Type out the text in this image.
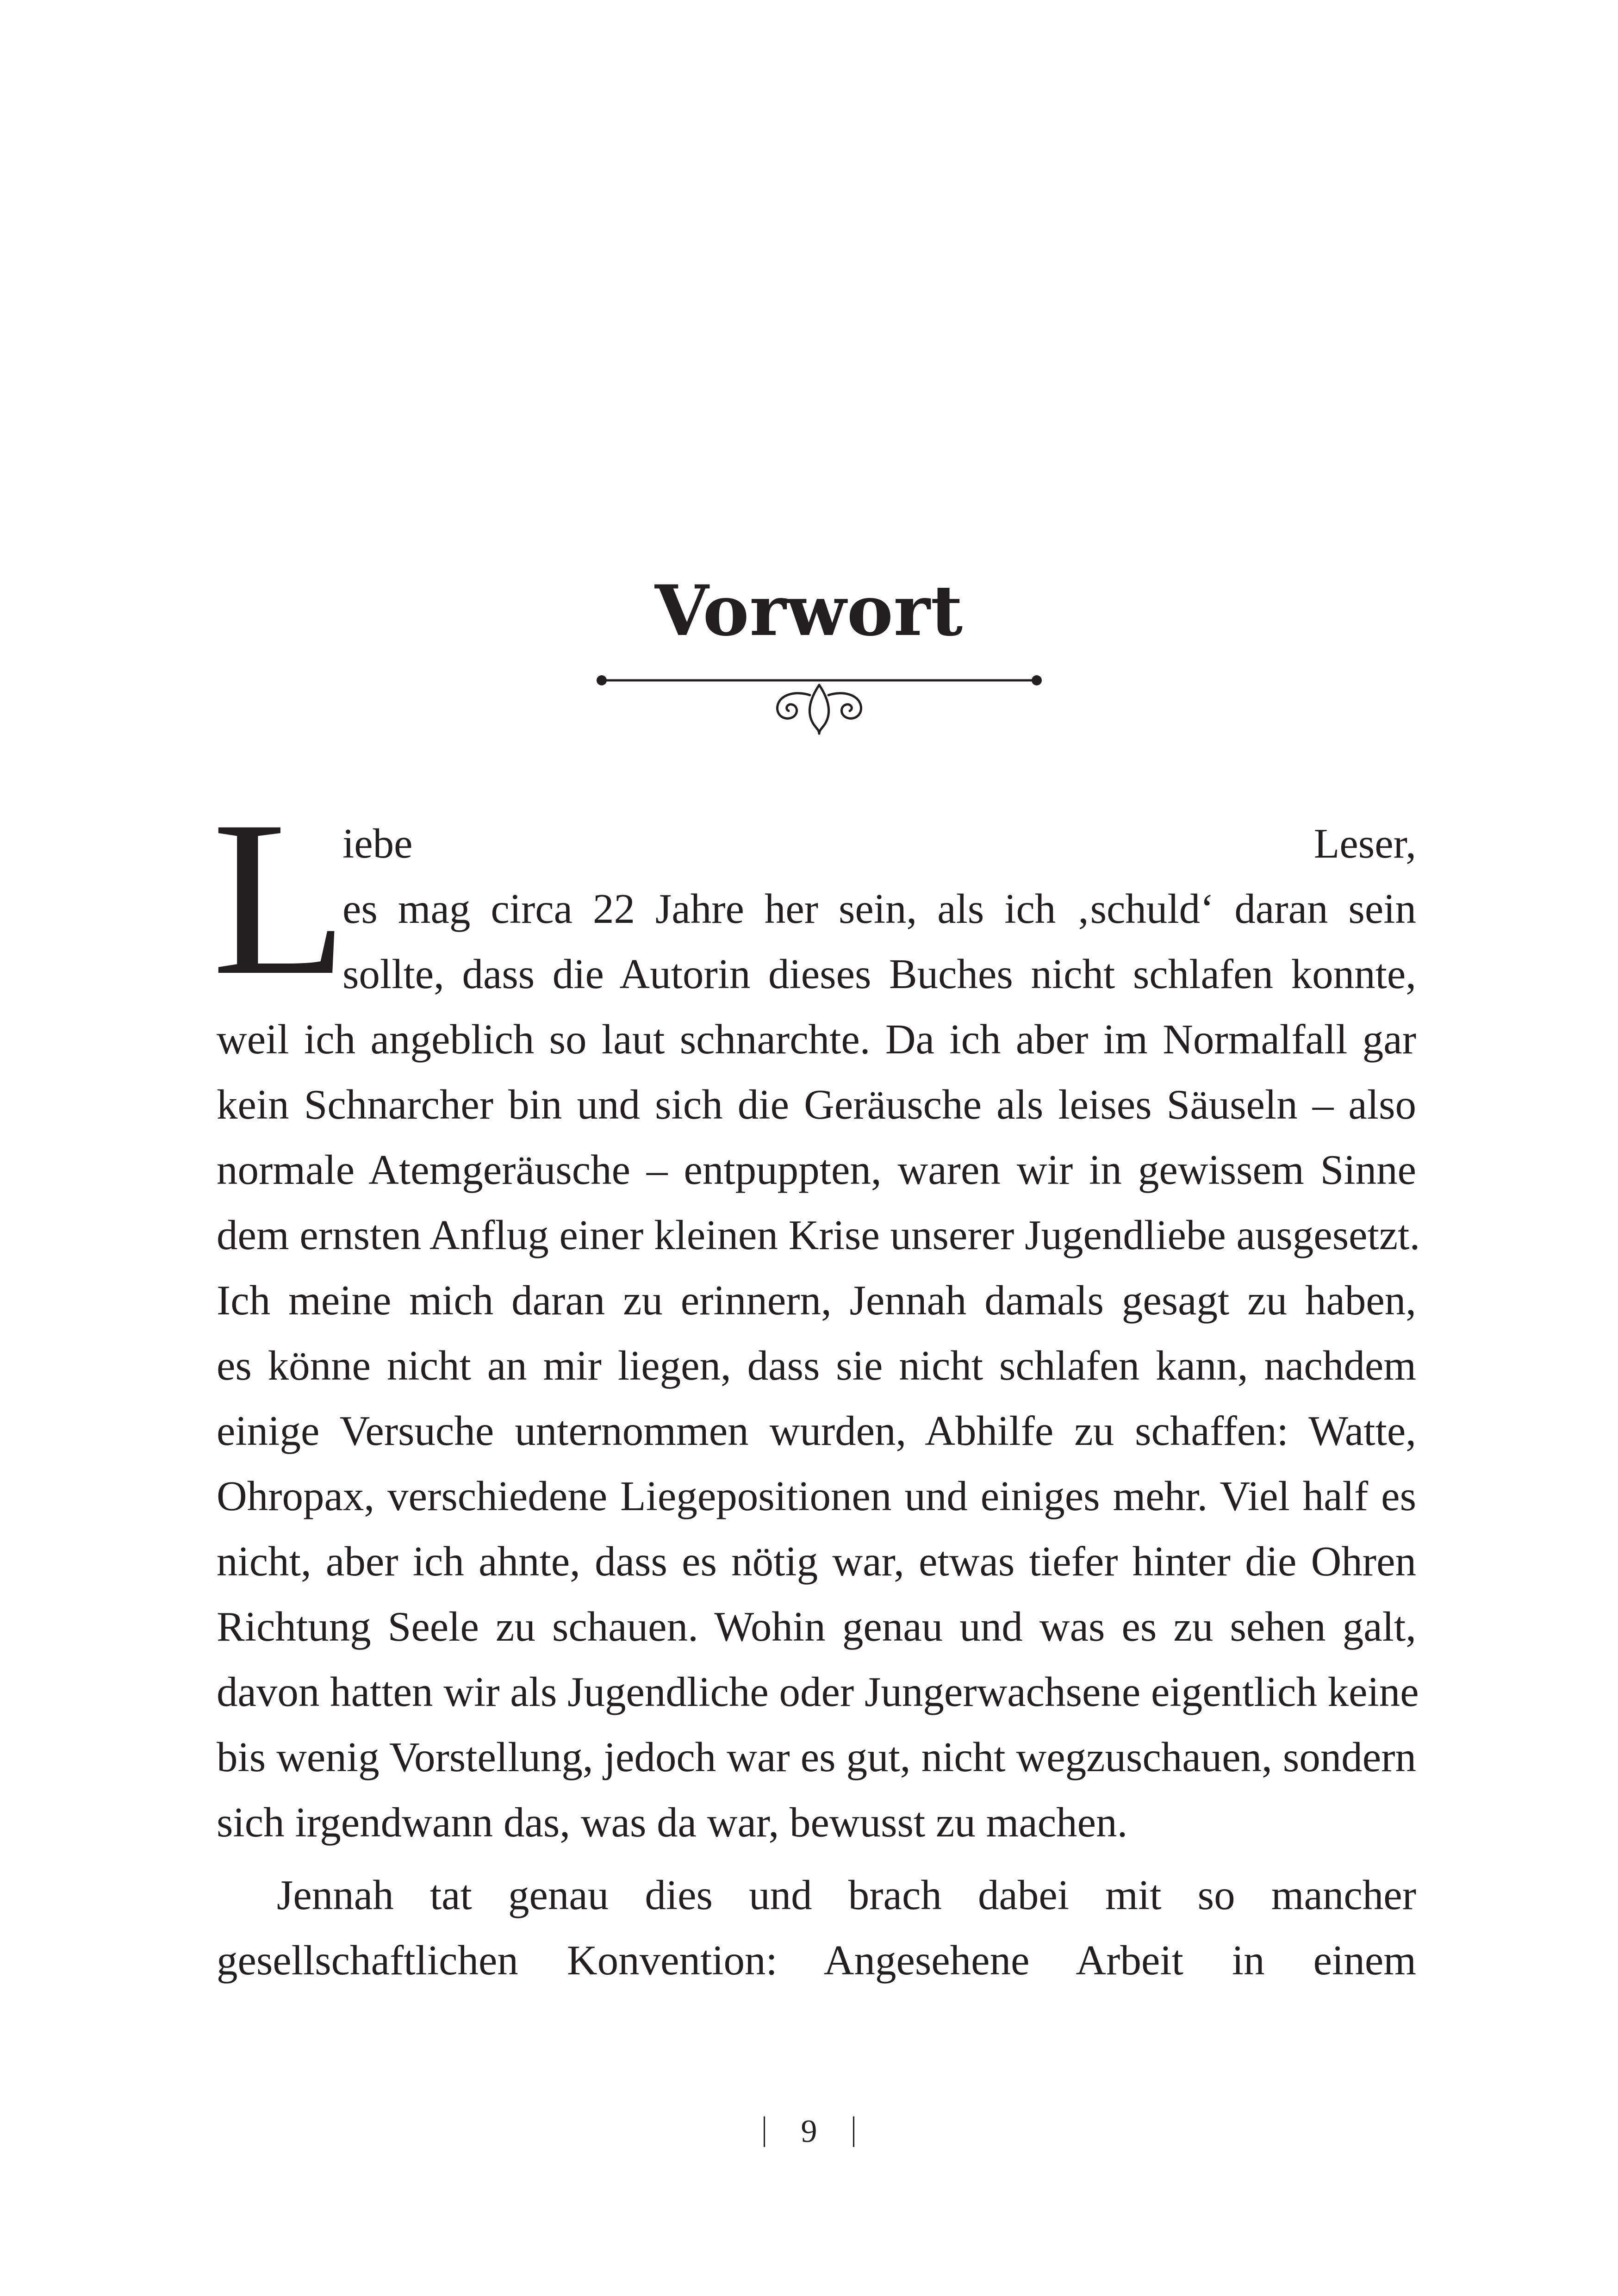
Vorwort
L
iebe Leser,
es mag circa 22 Jahre her sein, als ich ‚schuld‘ daran sein
sollte, dass die Autorin dieses Buches nicht schlafen konnte,
weil ich angeblich so laut schnarchte. Da ich aber im Normalfall gar
kein Schnarcher bin und sich die Geräusche als leises Säuseln – also
normale Atemgeräusche – entpuppten, waren wir in gewissem Sinne
dem ernsten Anflug einer kleinen Krise unserer Jugendliebe ausgesetzt.
Ich meine mich daran zu erinnern, Jennah damals gesagt zu haben,
es könne nicht an mir liegen, dass sie nicht schlafen kann, nachdem
einige Versuche unternommen wurden, Abhilfe zu schaffen: Watte,
Ohropax, verschiedene Liegepositionen und einiges mehr. Viel half es
nicht, aber ich ahnte, dass es nötig war, etwas tiefer hinter die Ohren
Richtung Seele zu schauen. Wohin genau und was es zu sehen galt,
davon hatten wir als Jugendliche oder Jungerwachsene eigentlich keine
bis wenig Vorstellung, jedoch war es gut, nicht wegzuschauen, sondern
sich irgendwann das, was da war, bewusst zu machen.
Jennah tat genau dies und brach dabei mit so mancher
gesellschaftlichen Konvention: Angesehene Arbeit in einem
9
